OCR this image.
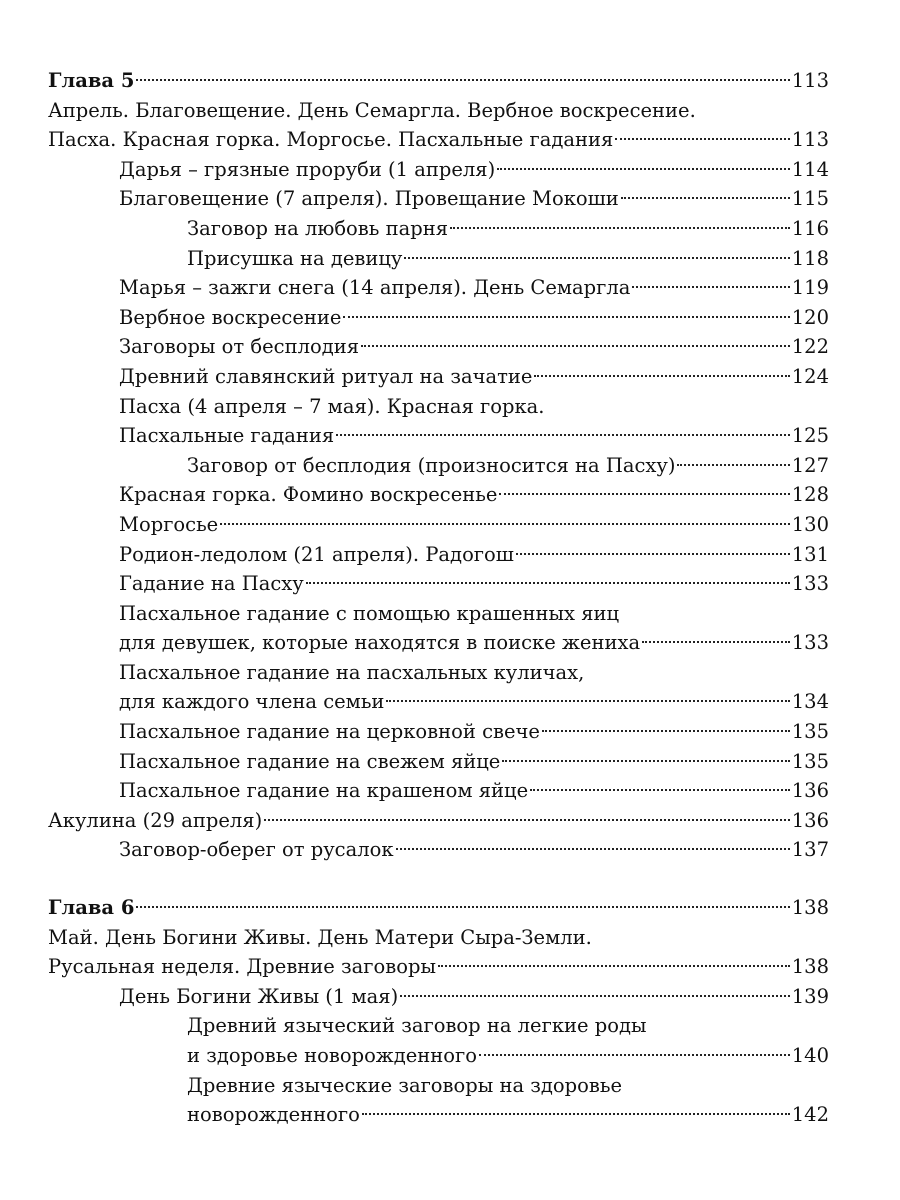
Глава 5	113
Апрель. Благовещение. День Семаргла. Вербное воскресение.
Пасха. Красная горка. Моргосье. Пасхальные гадания	113
Дарья – грязные проруби (1 апреля)	114
Благовещение (7 апреля). Провещание Мокоши	115
Заговор на любовь парня	116
Присушка на девицу	118
Марья – зажги снега (14 апреля). День Семаргла	119
Вербное воскресение	120
Заговоры от бесплодия	122
Древний славянский ритуал на зачатие	124
Пасха (4 апреля – 7 мая). Красная горка.
Пасхальные гадания	125
Заговор от бесплодия (произносится на Пасху)	127
Красная горка. Фомино воскресенье	128
Моргосье	130
Родион-ледолом (21 апреля). Радогош	131
Гадание на Пасху	133
Пасхальное гадание с помощью крашенных яиц
для девушек, которые находятся в поиске жениха	133
Пасхальное гадание на пасхальных куличах,
для каждого члена семьи	134
Пасхальное гадание на церковной свече	135
Пасхальное гадание на свежем яйце	135
Пасхальное гадание на крашеном яйце	136
Акулина (29 апреля)	136
Заговор-оберег от русалок	137
Глава 6	138
Май. День Богини Живы. День Матери Сыра-Земли.
Русальная неделя. Древние заговоры	138
День Богини Живы (1 мая)	139
Древний языческий заговор на легкие роды
и здоровье новорожденного	140
Древние языческие заговоры на здоровье
новорожденного	142
